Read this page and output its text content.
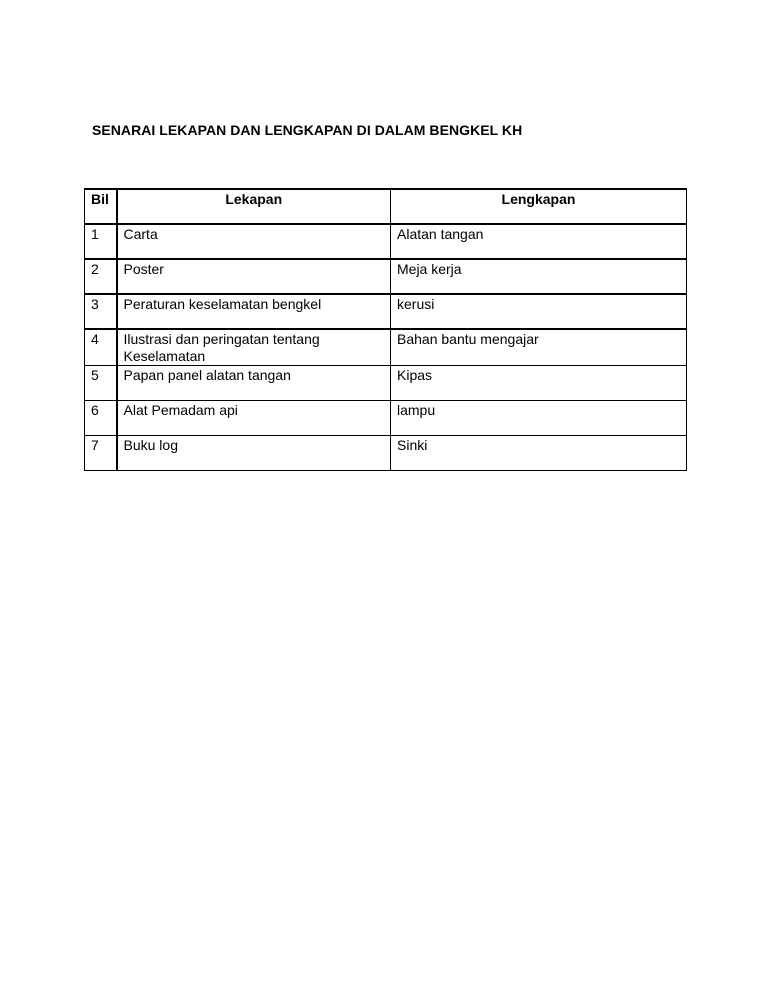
SENARAI LEKAPAN DAN LENGKAPAN DI DALAM BENGKEL KH
Bil	Lekapan	Lengkapan
1	Carta	Alatan tangan
2	Poster	Meja kerja
3	Peraturan keselamatan bengkel	kerusi
4	Ilustrasi dan peringatan tentang Keselamatan	Bahan bantu mengajar
5	Papan panel alatan tangan	Kipas
6	Alat Pemadam api	lampu
7	Buku log	Sinki
